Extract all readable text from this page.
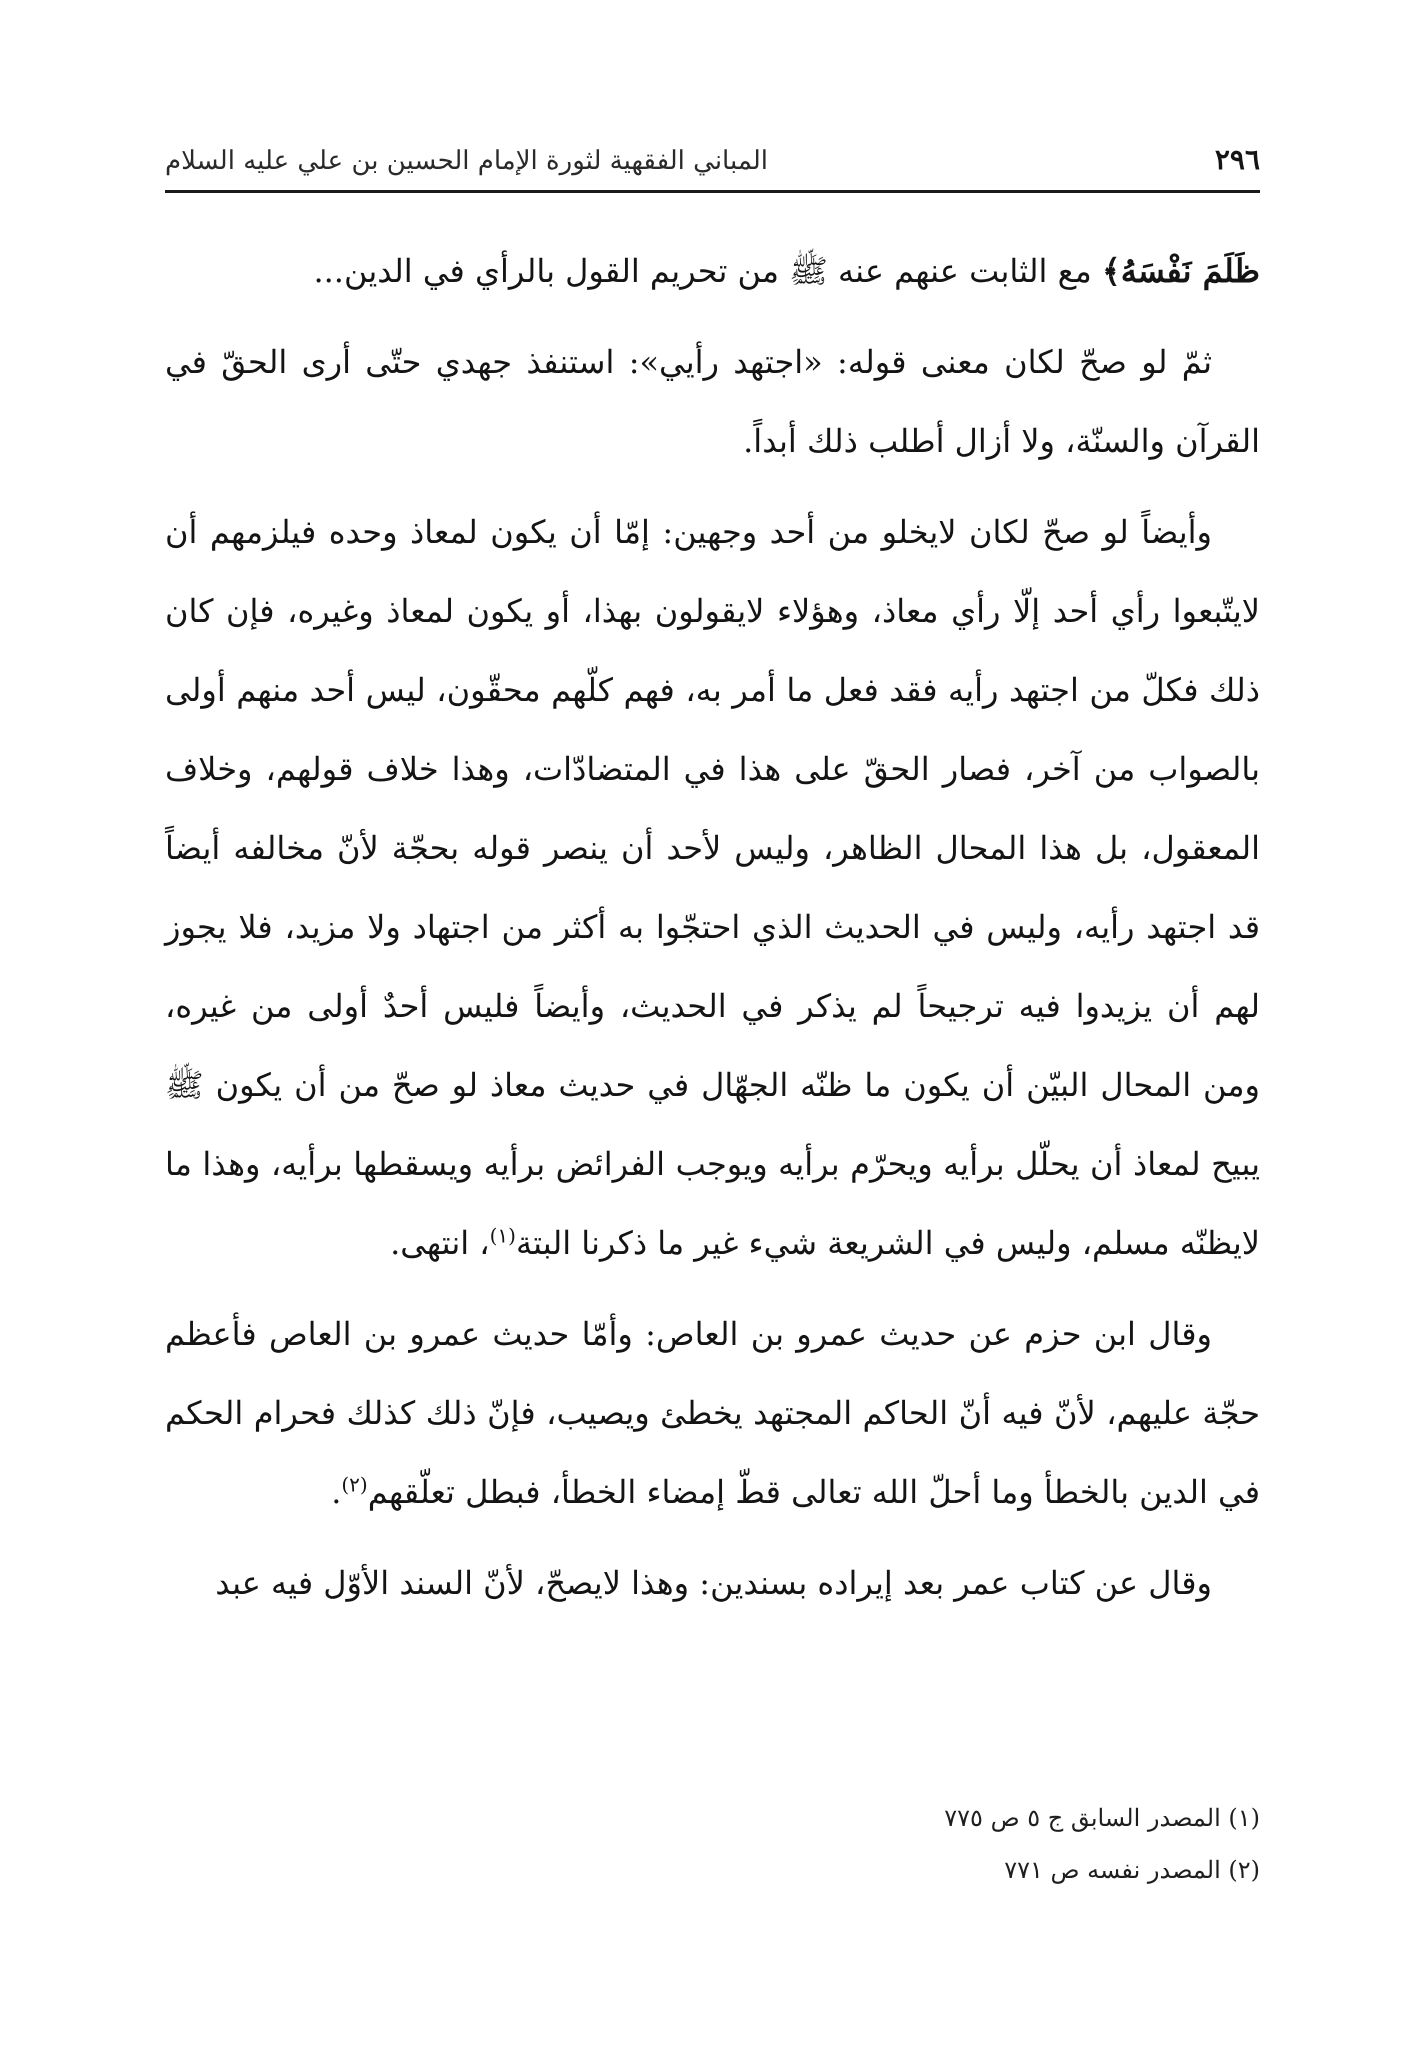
٢٩٦
المباني الفقهية لثورة الإمام الحسين بن علي عليه السلام

ظَلَمَ نَفْسَهُ﴾ مع الثابت عنهم عنه ﷺ من تحريم القول بالرأي في الدين...

ثمّ لو صحّ لكان معنى قوله: «اجتهد رأيي»: استنفذ جهدي حتّى أرى الحقّ في القرآن والسنّة، ولا أزال أطلب ذلك أبداً.

وأيضاً لو صحّ لكان لايخلو من أحد وجهين: إمّا أن يكون لمعاذ وحده فيلزمهم أن لايتّبعوا رأي أحد إلّا رأي معاذ، وهؤلاء لايقولون بهذا، أو يكون لمعاذ وغيره، فإن كان ذلك فكلّ من اجتهد رأيه فقد فعل ما أمر به، فهم كلّهم محقّون، ليس أحد منهم أولى بالصواب من آخر، فصار الحقّ على هذا في المتضادّات، وهذا خلاف قولهم، وخلاف المعقول، بل هذا المحال الظاهر، وليس لأحد أن ينصر قوله بحجّة لأنّ مخالفه أيضاً قد اجتهد رأيه، وليس في الحديث الذي احتجّوا به أكثر من اجتهاد ولا مزيد، فلا يجوز لهم أن يزيدوا فيه ترجيحاً لم يذكر في الحديث، وأيضاً فليس أحدٌ أولى من غيره، ومن المحال البيّن أن يكون ما ظنّه الجهّال في حديث معاذ لو صحّ من أن يكون ﷺ يبيح لمعاذ أن يحلّل برأيه ويحرّم برأيه ويوجب الفرائض برأيه ويسقطها برأيه، وهذا ما لايظنّه مسلم، وليس في الشريعة شيء غير ما ذكرنا البتة$^{(١)}$، انتهى.

وقال ابن حزم عن حديث عمرو بن العاص: وأمّا حديث عمرو بن العاص فأعظم حجّة عليهم، لأنّ فيه أنّ الحاكم المجتهد يخطئ ويصيب، فإنّ ذلك كذلك فحرام الحكم في الدين بالخطأ وما أحلّ الله تعالى قطّ إمضاء الخطأ، فبطل تعلّقهم$^{(٢)}$.

وقال عن كتاب عمر بعد إيراده بسندين: وهذا لايصحّ، لأنّ السند الأوّل فيه عبد

(١) المصدر السابق ج ٥ ص ٧٧٥

(٢) المصدر نفسه ص ٧٧١
